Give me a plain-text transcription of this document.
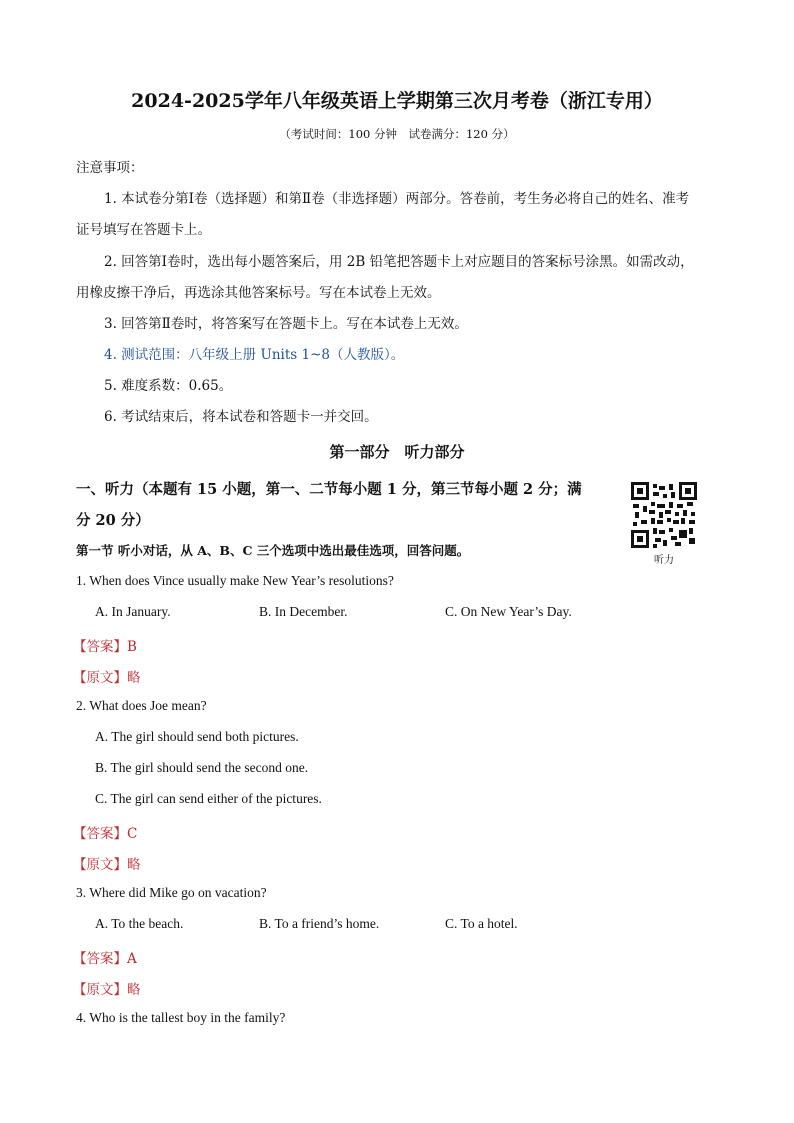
2024-2025学年八年级英语上学期第三次月考卷（浙江专用）
（考试时间：100 分钟　试卷满分：120 分）
注意事项：
1. 本试卷分第Ⅰ卷（选择题）和第Ⅱ卷（非选择题）两部分。答卷前，考生务必将自己的姓名、准考
证号填写在答题卡上。
2. 回答第Ⅰ卷时，选出每小题答案后，用 2B 铅笔把答题卡上对应题目的答案标号涂黑。如需改动，
用橡皮擦干净后，再选涂其他答案标号。写在本试卷上无效。
3. 回答第Ⅱ卷时，将答案写在答题卡上。写在本试卷上无效。
4. 测试范围：八年级上册 Units 1~8（人教版）。
5. 难度系数：0.65。
6. 考试结束后，将本试卷和答题卡一并交回。
第一部分　听力部分
一、听力（本题有 15 小题，第一、二节每小题 1 分，第三节每小题 2 分；满
分 20 分）
第一节 听小对话，从 A、B、C 三个选项中选出最佳选项，回答问题。
听力
1. When does Vince usually make New Year’s resolutions?
A. In January.	B. In December.	C. On New Year’s Day.
【答案】B
【原文】略
2. What does Joe mean?
A. The girl should send both pictures.
B. The girl should send the second one.
C. The girl can send either of the pictures.
【答案】C
【原文】略
3. Where did Mike go on vacation?
A. To the beach.	B. To a friend’s home.	C. To a hotel.
【答案】A
【原文】略
4. Who is the tallest boy in the family?
